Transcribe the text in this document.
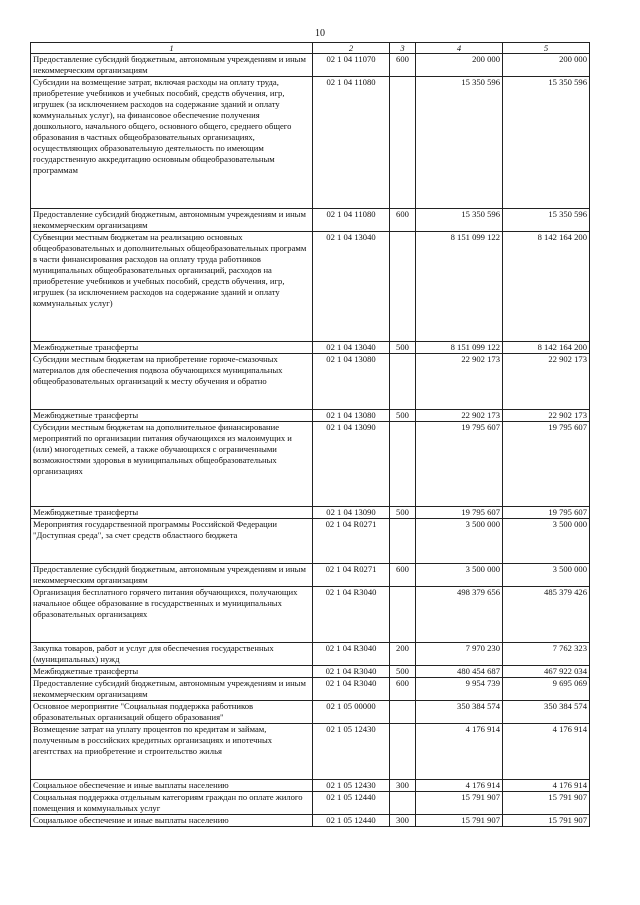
10
1	2	3	4	5
Предоставление субсидий бюджетным, автономным учреждениям и иным некоммерческим организациям	02 1 04 11070	600	200 000	200 000
Субсидии на возмещение затрат, включая расходы на оплату труда, приобретение учебников и учебных пособий, средств обучения, игр, игрушек (за исключением расходов на содержание зданий и оплату коммунальных услуг), на финансовое обеспечение получения дошкольного, начального общего, основного общего, среднего общего образования в частных общеобразовательных организациях, осуществляющих образовательную деятельность по имеющим государственную аккредитацию основным общеобразовательным программам	02 1 04 11080		15 350 596	15 350 596
Предоставление субсидий бюджетным, автономным учреждениям и иным некоммерческим организациям	02 1 04 11080	600	15 350 596	15 350 596
Субвенции местным бюджетам на реализацию основных общеобразовательных и дополнительных общеобразовательных программ в части финансирования расходов на оплату труда работников муниципальных общеобразовательных организаций, расходов на приобретение учебников и учебных пособий, средств обучения, игр, игрушек (за исключением расходов на содержание зданий и оплату коммунальных услуг)	02 1 04 13040		8 151 099 122	8 142 164 200
Межбюджетные трансферты	02 1 04 13040	500	8 151 099 122	8 142 164 200
Субсидии местным бюджетам на приобретение горюче-смазочных материалов для обеспечения подвоза обучающихся муниципальных общеобразовательных организаций к месту обучения и обратно	02 1 04 13080		22 902 173	22 902 173
Межбюджетные трансферты	02 1 04 13080	500	22 902 173	22 902 173
Субсидии местным бюджетам на дополнительное финансирование мероприятий по организации питания обучающихся из малоимущих и (или) многодетных семей, а также обучающихся с ограниченными возможностями здоровья в муниципальных общеобразовательных организациях	02 1 04 13090		19 795 607	19 795 607
Межбюджетные трансферты	02 1 04 13090	500	19 795 607	19 795 607
Мероприятия государственной программы Российской Федерации "Доступная среда", за счет средств областного бюджета	02 1 04 R0271		3 500 000	3 500 000
Предоставление субсидий бюджетным, автономным учреждениям и иным некоммерческим организациям	02 1 04 R0271	600	3 500 000	3 500 000
Организация бесплатного горячего питания обучающихся, получающих начальное общее образование в государственных и муниципальных образовательных организациях	02 1 04 R3040		498 379 656	485 379 426
Закупка товаров, работ и услуг для обеспечения государственных (муниципальных) нужд	02 1 04 R3040	200	7 970 230	7 762 323
Межбюджетные трансферты	02 1 04 R3040	500	480 454 687	467 922 034
Предоставление субсидий бюджетным, автономным учреждениям и иным некоммерческим организациям	02 1 04 R3040	600	9 954 739	9 695 069
Основное мероприятие "Социальная поддержка работников образовательных организаций общего образования"	02 1 05 00000		350 384 574	350 384 574
Возмещение затрат на уплату процентов по кредитам и займам, полученным в российских кредитных организациях и ипотечных агентствах на приобретение и строительство жилья	02 1 05 12430		4 176 914	4 176 914
Социальное обеспечение и иные выплаты населению	02 1 05 12430	300	4 176 914	4 176 914
Социальная поддержка отдельным категориям граждан по оплате жилого помещения и коммунальных услуг	02 1 05 12440		15 791 907	15 791 907
Социальное обеспечение и иные выплаты населению	02 1 05 12440	300	15 791 907	15 791 907
